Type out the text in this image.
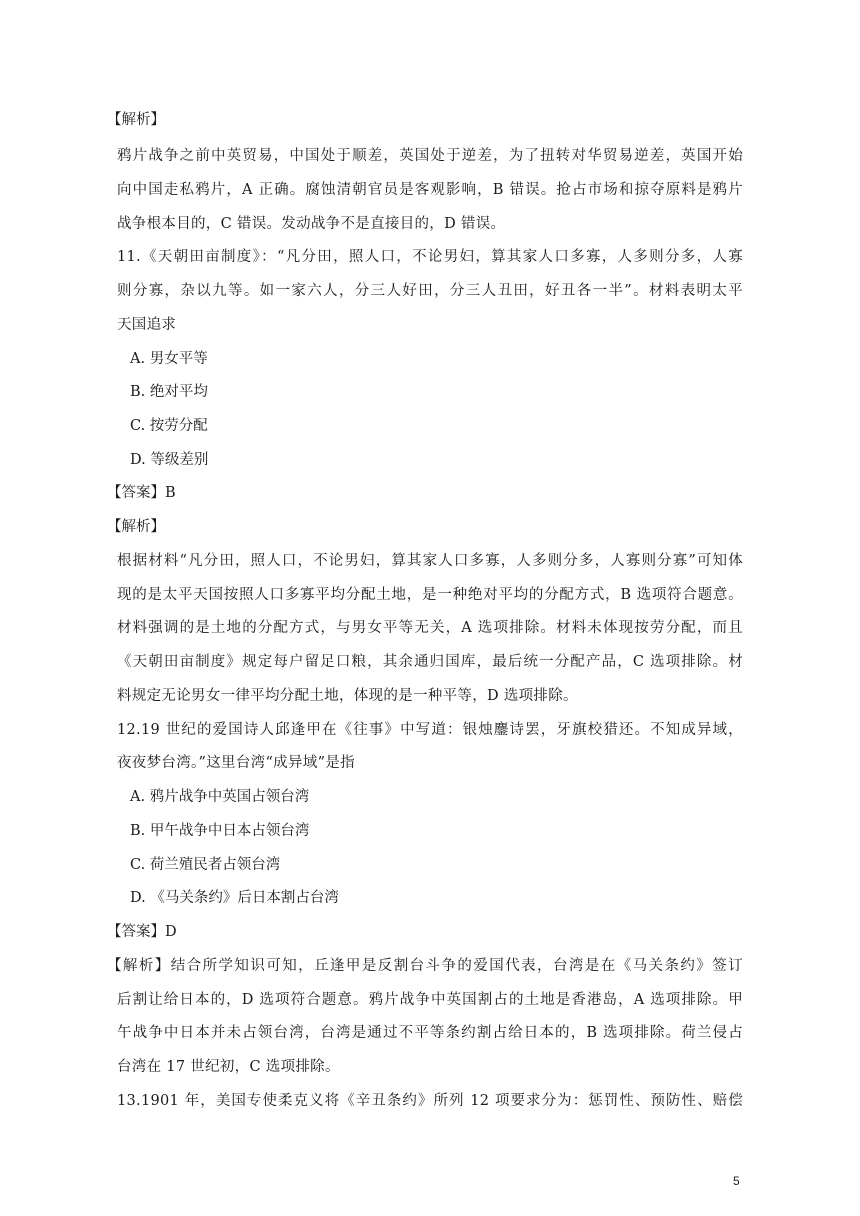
【解析】
鸦片战争之前中英贸易，中国处于顺差，英国处于逆差，为了扭转对华贸易逆差，英国开始
向中国走私鸦片，A 正确。腐蚀清朝官员是客观影响，B 错误。抢占市场和掠夺原料是鸦片
战争根本目的，C 错误。发动战争不是直接目的，D 错误。
11.《天朝田亩制度》：“凡分田，照人口，不论男妇，算其家人口多寡，人多则分多，人寡
则分寡，杂以九等。如一家六人，分三人好田，分三人丑田，好丑各一半”。材料表明太平
天国追求
A. 男女平等
B. 绝对平均
C. 按劳分配
D. 等级差别
【答案】B
【解析】
根据材料“凡分田，照人口，不论男妇，算其家人口多寡，人多则分多，人寡则分寡”可知体
现的是太平天国按照人口多寡平均分配土地，是一种绝对平均的分配方式，B 选项符合题意。
材料强调的是土地的分配方式，与男女平等无关，A 选项排除。材料未体现按劳分配，而且
《天朝田亩制度》规定每户留足口粮，其余通归国库，最后统一分配产品，C 选项排除。材
料规定无论男女一律平均分配土地，体现的是一种平等，D 选项排除。
12.19 世纪的爱国诗人邱逢甲在《往事》中写道：银烛鏖诗罢，牙旗校猎还。不知成异域，
夜夜梦台湾。”这里台湾“成异域”是指
A. 鸦片战争中英国占领台湾
B. 甲午战争中日本占领台湾
C. 荷兰殖民者占领台湾
D. 《马关条约》后日本割占台湾
【答案】D
【解析】结合所学知识可知，丘逢甲是反割台斗争的爱国代表，台湾是在《马关条约》签订
后割让给日本的，D 选项符合题意。鸦片战争中英国割占的土地是香港岛，A 选项排除。甲
午战争中日本并未占领台湾，台湾是通过不平等条约割占给日本的，B 选项排除。荷兰侵占
台湾在 17 世纪初，C 选项排除。
13.1901 年，美国专使柔克义将《辛丑条约》所列 12 项要求分为：惩罚性、预防性、赔偿
5
